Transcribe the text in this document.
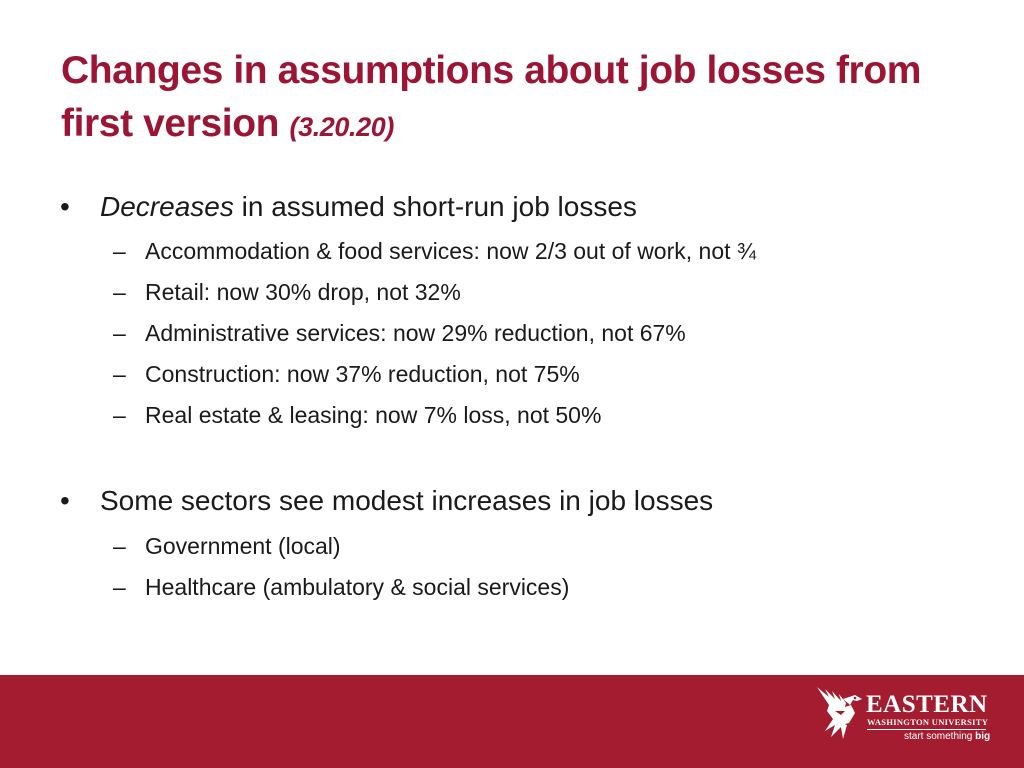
Changes in assumptions about job losses from first version (3.20.20)
• Decreases in assumed short-run job losses
– Accommodation & food services: now 2/3 out of work, not ¾
– Retail: now 30% drop, not 32%
– Administrative services: now 29% reduction, not 67%
– Construction: now 37% reduction, not 75%
– Real estate & leasing: now 7% loss, not 50%
• Some sectors see modest increases in job losses
– Government (local)
– Healthcare (ambulatory & social services)
EASTERN
WASHINGTON UNIVERSITY
start something big
